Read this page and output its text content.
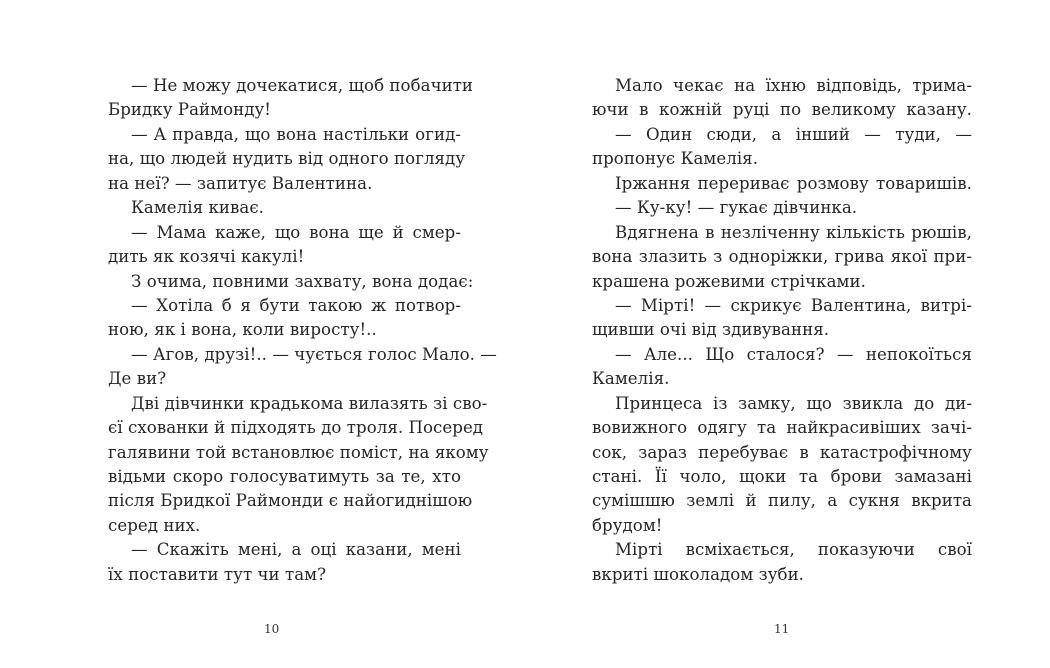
— Не можу дочекатися, щоб побачити
Бридку Раймонду!
— А правда, що вона настільки огид-
на, що людей нудить від одного погляду
на неї? — запитує Валентина.
Камелія киває.
— Мама каже, що вона ще й смер-
дить як козячі какулі!
З очима, повними захвату, вона додає:
— Хотіла б я бути такою ж потвор-
ною, як і вона, коли виросту!..
— Агов, друзі!.. — чується голос Мало. —
Де ви?
Дві дівчинки крадькома вилазять зі сво-
єї схованки й підходять до троля. Посеред
галявини той встановлює поміст, на якому
відьми скоро голосуватимуть за те, хто
після Бридкої Раймонди є найогиднішою
серед них.
— Скажіть мені, а оці казани, мені
їх поставити тут чи там?
Мало чекає на їхню відповідь, трима-
ючи в кожній руці по великому казану.
— Один сюди, а інший — туди, —
пропонує Камелія.
Іржання перериває розмову товаришів.
— Ку-ку! — гукає дівчинка.
Вдягнена в незліченну кількість рюшів,
вона злазить з одноріжки, грива якої при-
крашена рожевими стрічками.
— Мірті! — скрикує Валентина, витрі-
щивши очі від здивування.
— Але... Що сталося? — непокоїться
Камелія.
Принцеса із замку, що звикла до ди-
вовижного одягу та найкрасивіших зачі-
сок, зараз перебуває в катастрофічному
стані. Її чоло, щоки та брови замазані
сумішшю землі й пилу, а сукня вкрита
брудом!
Мірті всміхається, показуючи свої
вкриті шоколадом зуби.
10	11
